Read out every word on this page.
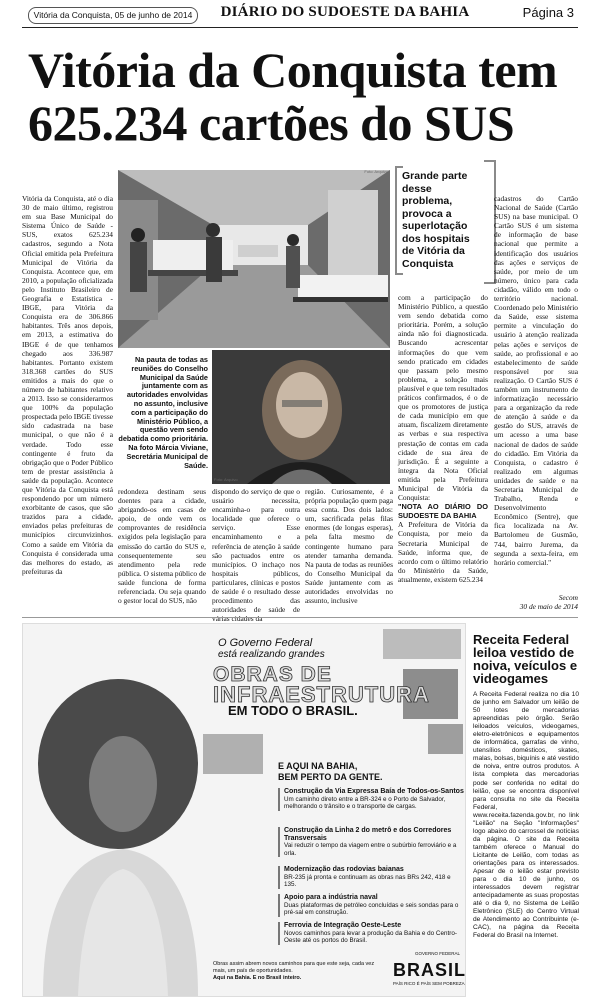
Vitória da Conquista, 05 de junho de 2014	DIÁRIO DO SUDOESTE DA BAHIA	Página 3
Vitória da Conquista tem 625.234 cartões do SUS
Foto: Arquivo
Foto: Arquivo
Grande parte desse problema, provoca a superlotação dos hospitais de Vitória da Conquista
Na pauta de todas as reuniões do Conselho Municipal da Saúde juntamente com as autoridades envolvidas no assunto, inclusive com a participação do Ministério Público, a questão vem sendo debatida como prioritária. Na foto Márcia Viviane, Secretária Municipal de Saúde.

Vitória da Conquista, até o dia 30 de maio último, registrou em sua Base Municipal do Sistema Único de Saúde - SUS, exatos 625.234 cadastros, segundo a Nota Oficial emitida pela Prefeitura Municipal de Vitória da Conquista. Acontece que, em 2010, a população oficializada pelo Instituto Brasileiro de Geografia e Estatística - IBGE, para Vitória da Conquista era de 306.866 habitantes. Três anos depois, em 2013, a estimativa do IBGE é de que tenhamos chegado aos 336.987 habitantes. Portanto existem 318.368 cartões do SUS emitidos a mais do que o número de habitantes relativo a 2013. Isso se considerarmos que 100% da população prospectada pelo IBGE tivesse sido cadastrada na base municipal, o que não é a verdade. Todo esse contingente é fruto da obrigação que o Poder Público tem de prestar assistência à saúde da população. Acontece que Vitória da Conquista está respondendo por um número exorbitante de casos, que são trazidos para a cidade, enviados pelas prefeituras de municípios circunvizinhos. Como a saúde em Vitória da Conquista é considerada uma das melhores do estado, as prefeituras da

redondeza destinam seus doentes para a cidade, abrigando-os em casas de apoio, de onde vem os comprovantes de residência exigidos pela legislação para emissão do cartão do SUS e, consequentemente seu atendimento pela rede pública. O sistema público de saúde funciona de forma referenciada. Ou seja quando o gestor local do SUS, não

dispondo do serviço de que o usuário necessita, encaminha-o para outra localidade que oferece o serviço. Esse encaminhamento e a referência de atenção à saúde são pactuados entre os municípios. O inchaço nos hospitais públicos, particulares, clínicas e postos de saúde é o resultado desse procedimento das autoridades de saúde de várias cidades da

região. Curiosamente, é a própria população quem paga essa conta. Dos dois lados: um, sacrificada pelas filas enormes (de longas esperas), pela falta mesmo de contingente humano para atender tamanha demanda. Na pauta de todas as reuniões do Conselho Municipal da Saúde juntamente com as autoridades envolvidas no assunto, inclusive

com a participação do Ministério Público, a questão vem sendo debatida como prioritária. Porém, a solução ainda não foi diagnosticada. Buscando acrescentar informações do que vem sendo praticado em cidades que passam pelo mesmo problema, a solução mais plausível e que tem resultados práticos confirmados, é o de que os promotores de justiça de cada município em que atuam, fiscalizem diretamente as verbas e sua respectiva prestação de contas em cada cidade de sua área de jurisdição. É a seguinte a íntegra da Nota Oficial emitida pela Prefeitura Municipal de Vitória da Conquista:

"NOTA AO DIÁRIO DO SUDOESTE DA BAHIA

A Prefeitura de Vitória da Conquista, por meio da Secretaria Municipal de Saúde, informa que, de acordo com o último relatório do Ministério da Saúde, atualmente, existem 625.234

cadastros do Cartão Nacional de Saúde (Cartão SUS) na base municipal. O Cartão SUS é um sistema de informação de base nacional que permite a identificação dos usuários das ações e serviços de saúde, por meio de um número, único para cada cidadão, válido em todo o território nacional. Coordenado pelo Ministério da Saúde, esse sistema permite a vinculação do usuário à atenção realizada pelas ações e serviços de saúde, ao profissional e ao estabelecimento de saúde responsável por sua realização. O Cartão SUS é também um instrumento de informatização necessário para a organização da rede de atenção à saúde e da gestão do SUS, através de um acesso a uma base nacional de dados de saúde do cidadão. Em Vitória da Conquista, o cadastro é realizado em algumas unidades de saúde e na Secretaria Municipal de Trabalho, Renda e Desenvolvimento Econômico (Sentre), que fica localizada na Av. Bartolomeu de Gusmão, 744, bairro Jurema, da segunda a sexta-feira, em horário comercial."

Secom
30 de maio de 2014
O Governo Federal
está realizando grandes
OBRAS DE
INFRAESTRUTURA
EM TODO O BRASIL.
E AQUI NA BAHIA,
BEM PERTO DA GENTE.
Construção da Via Expressa Baía de Todos-os-Santos
Um caminho direto entre a BR-324 e o Porto de Salvador, melhorando o trânsito e o transporte de cargas.
Construção da Linha 2 do metrô e dos Corredores Transversais
Vai reduzir o tempo da viagem entre o subúrbio ferroviário e a orla.
Modernização das rodovias baianas
BR-235 já pronta e continuam as obras nas BRs 242, 418 e 135.
Apoio para a indústria naval
Duas plataformas de petróleo concluídas e seis sondas para o pré-sal em construção.
Ferrovia de Integração Oeste-Leste
Novos caminhos para levar a produção da Bahia e do Centro-Oeste até os portos do Brasil.
Obras assim abrem novos caminhos para que este seja, cada vez mais, um país de oportunidades.
Aqui na Bahia. E no Brasil inteiro.
GOVERNO FEDERAL
BRASIL
PAÍS RICO É PAÍS SEM POBREZA
Receita Federal leiloa vestido de noiva, veículos e videogames
A Receita Federal realiza no dia 10 de junho em Salvador um leilão de 50 lotes de mercadorias apreendidas pelo órgão. Serão leiloados veículos, videogames, eletro-eletrônicos e equipamentos de informática, garrafas de vinho, utensílios domésticos, skates, malas, bolsas, biquínis e até vestido de noiva, entre outros produtos. A lista completa das mercadorias pode ser conferida no edital do leilão, que se encontra disponível para consulta no site da Receita Federal, www.receita.fazenda.gov.br, no link "Leilão" na Seção "Informações" logo abaixo do carrossel de notícias da página. O site da Receita também oferece o Manual do Licitante de Leilão, com todas as orientações para os interessados. Apesar de o leilão estar previsto para o dia 10 de junho, os interessados devem registrar antecipadamente as suas propostas até o dia 9, no Sistema de Leilão Eletrônico (SLE) do Centro Virtual de Atendimento ao Contribuinte (e-CAC), na página da Receita Federal do Brasil na Internet.
